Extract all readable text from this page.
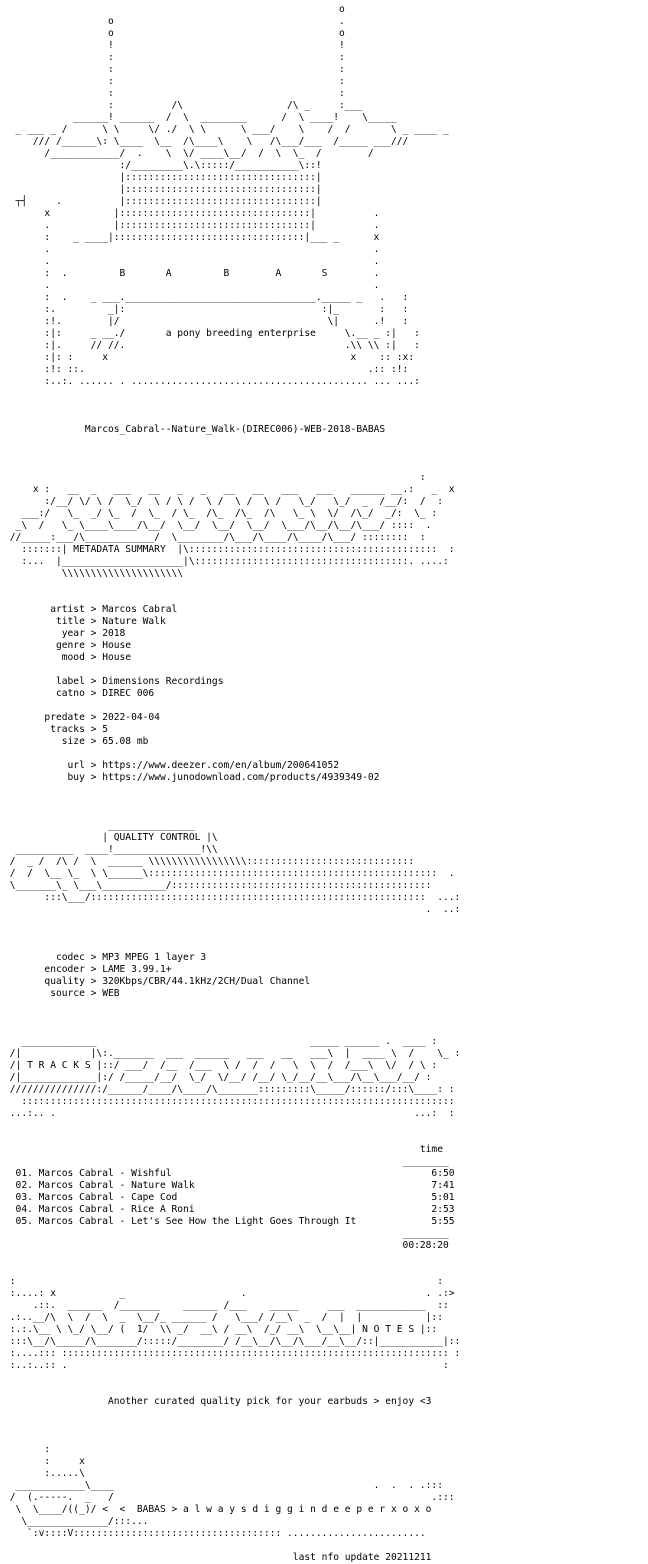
o
o                                       .
o                                       o
!                                       !
:                                       :
:                                       :
:                                       :
:                                       :
:          /\                  /\ _     :___
______! ______  /  \  ________      /  \ ____!    \_____
_ ___ _ /      \ \     \/ ./  \ \      \ ___/    \    /  /       \ _ ____ _
/// /______\: \____  \__  /\____\    \   /\___/___  /_____ ___///
/____________/  .    \  \/ ____\__/  /  \  \_  /        /
:/_________\.\:::::/___________\::!
|:::::::::::::::::::::::::::::::::|
|:::::::::::::::::::::::::::::::::|
┬┤     .          |:::::::::::::::::::::::::::::::::|
x           |:::::::::::::::::::::::::::::::::|          .
.           |:::::::::::::::::::::::::::::::::|          .
:    _ ____|:::::::::::::::::::::::::::::::::|___ _      x
.                                                        .
.                                                        .
:  .         B       A         B        A       S        .
.                                                        .
:  .    _ ___._________________________________._____ _   .   :
:.         _|:                                  :|_       :   :
:!.        |/                                    \|      .!   :
:|:     _ __./       a pony breeding enterprise     \.__ _ :|   :
:|.     // //.                                      .\\ \\ :|   :
:|: :     x                                          x    :: :x:
:!: ::.                                                 .:: :!:
:..:. ...... . ......................................... ... ...:

Marcos_Cabral--Nature_Walk-(DIREC006)-WEB-2018-BABAS

:
x :   __  _   ___   __   _   _   __   __   ___   ___   ______ __.:   _  x
:/__/ \/ \ /  \_/  \ / \ /  \ /  \ /  \ /   \_/   \_/  _  /__/:  /  :
___:/   \_  _/ \_  /  \_  / \_  /\_  /\_  /\   \_ \  \/  /\_/  _/:  \_ :
_\  /   \_ \____\____/\__/  \__/  \__/  \__/  \___/\__/\__/\___/ ::::  .
//_____:___/\____________/  \________/\___/\____/\____/\___/ ::::::::  :
:::::::| METADATA SUMMARY  |\:::::::::::::::::::::::::::::::::::::::::::  :
:...  |_____________________|\:::::::::::::::::::::::::::::::::::::. ....:
\\\\\\\\\\\\\\\\\\\\\

artist > Marcos Cabral
title > Nature Walk
year > 2018
genre > House
mood > House

label > Dimensions Recordings
catno > DIREC 006

predate > 2022-04-04
tracks > 5
size > 65.08 mb

url > https://www.deezer.com/en/album/200641052
buy > https://www.junodownload.com/products/4939349-02

_______________
| QUALITY CONTROL |\
__________  ____!_______________!\\
/  _ /  /\ /  \  ______ \\\\\\\\\\\\\\\\\:::::::::::::::::::::::::::::
/  /  \__ \_  \ \______\::::::::::::::::::::::::::::::::::::::::::::::::::  .
\_______\_ \___\___________/:::::::::::::::::::::::::::::::::::::::::::::
:::\___/::::::::::::::::::::::::::::::::::::::::::::::::::::::::::  ...:
.  ..:

codec > MP3 MPEG 1 layer 3
encoder > LAME 3.99.1+
quality > 320Kbps/CBR/44.1kHz/2CH/Dual Channel
source > WEB

_____________                                     _____ ______ .  ____ :
/|            |\:._______  ___  ______   ___   __   ___\  |  ____ \  /    \_ :
/| T R A C K S |::/ ___/  /__  /___  \ /  /  /   \  \  /  /___\  \/  / \ :
/|_____________|:/ /_____/__/  \_/  \/__/ /__/ \_/__/__\___/\__\___/__/ :
///////////////:/______/____/\____/\_______:::::::::\_____/::::::/:::\____: :
:::::::::::::::::::::::::::::::::::::::::::::::::::::::::::::::::::::::::::
...:.. .                                                              ...:  :

time
________
01. Marcos Cabral - Wishful                                             6:50
02. Marcos Cabral - Nature Walk                                         7:41
03. Marcos Cabral - Cape Cod                                            5:01
04. Marcos Cabral - Rice A Roni                                         2:53
05. Marcos Cabral - Let's See How the Light Goes Through It             5:55
________
00:28:20

:                                                                         :
:....: x           _                    .                               . .:>
.::.  ______  /_______    ______ /___    _____     ___  ____________  ::
.:..__/\  \  /  \  _  \__/_ ______ /   \___/ /__\  _  /  |  |           |::
:.:.\__ \ \_/ \__/ (  1/  \\ _/  __\ / __\  /_/ __\  \__\__| N O T E S |::
:::\__/\_____/\_______/:::::/________/ /__\__/\__/\___/__\__/::|___________|::
:....::: ::::::::::::::::::::::::::::::::::::::::::::::::::::::::::::::::::: :
:..:..:: .                                                                 :

Another curated quality pick for your earbuds > enjoy <3

:
:     x
:.....\
____________\____                                             .  .  . .:::
/  (.-----.  _   /                                                       .:::
\  \____/((_)/ <  <  BABAS > a l w a y s d i g g i n d e e p e r x o x o
\______________/:::...
`:v::::V:::::::::::::::::::::::::::::::::::: ........................

last nfo update 20211211
